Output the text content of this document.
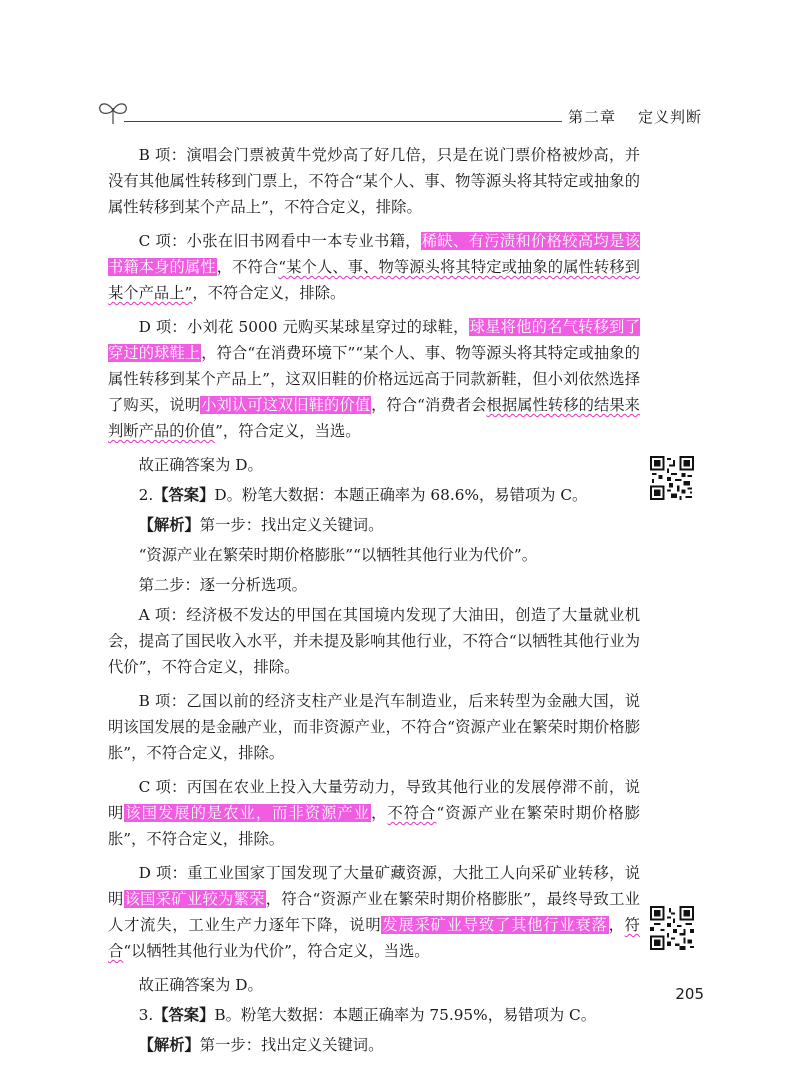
第二章 定义判断

B 项：演唱会门票被黄牛党炒高了好几倍，只是在说门票价格被炒高，并没有其他属性转移到门票上，不符合“某个人、事、物等源头将其特定或抽象的属性转移到某个产品上”，不符合定义，排除。

C 项：小张在旧书网看中一本专业书籍，稀缺、有污渍和价格较高均是该书籍本身的属性，不符合“某个人、事、物等源头将其特定或抽象的属性转移到某个产品上”，不符合定义，排除。

D 项：小刘花 5000 元购买某球星穿过的球鞋，球星将他的名气转移到了穿过的球鞋上，符合“在消费环境下”“某个人、事、物等源头将其特定或抽象的属性转移到某个产品上”，这双旧鞋的价格远远高于同款新鞋，但小刘依然选择了购买，说明小刘认可这双旧鞋的价值，符合“消费者会根据属性转移的结果来判断产品的价值”，符合定义，当选。

故正确答案为 D。

2.【答案】D。粉笔大数据：本题正确率为 68.6%，易错项为 C。

【解析】第一步：找出定义关键词。

“资源产业在繁荣时期价格膨胀”“以牺牲其他行业为代价”。

第二步：逐一分析选项。

A 项：经济极不发达的甲国在其国境内发现了大油田，创造了大量就业机会，提高了国民收入水平，并未提及影响其他行业，不符合“以牺牲其他行业为代价”，不符合定义，排除。

B 项：乙国以前的经济支柱产业是汽车制造业，后来转型为金融大国，说明该国发展的是金融产业，而非资源产业，不符合“资源产业在繁荣时期价格膨胀”，不符合定义，排除。

C 项：丙国在农业上投入大量劳动力，导致其他行业的发展停滞不前，说明该国发展的是农业，而非资源产业，不符合“资源产业在繁荣时期价格膨胀”，不符合定义，排除。

D 项：重工业国家丁国发现了大量矿藏资源，大批工人向采矿业转移，说明该国采矿业较为繁荣，符合“资源产业在繁荣时期价格膨胀”，最终导致工业人才流失，工业生产力逐年下降，说明发展采矿业导致了其他行业衰落，符合“以牺牲其他行业为代价”，符合定义，当选。

故正确答案为 D。

3.【答案】B。粉笔大数据：本题正确率为 75.95%，易错项为 C。

【解析】第一步：找出定义关键词。

205
